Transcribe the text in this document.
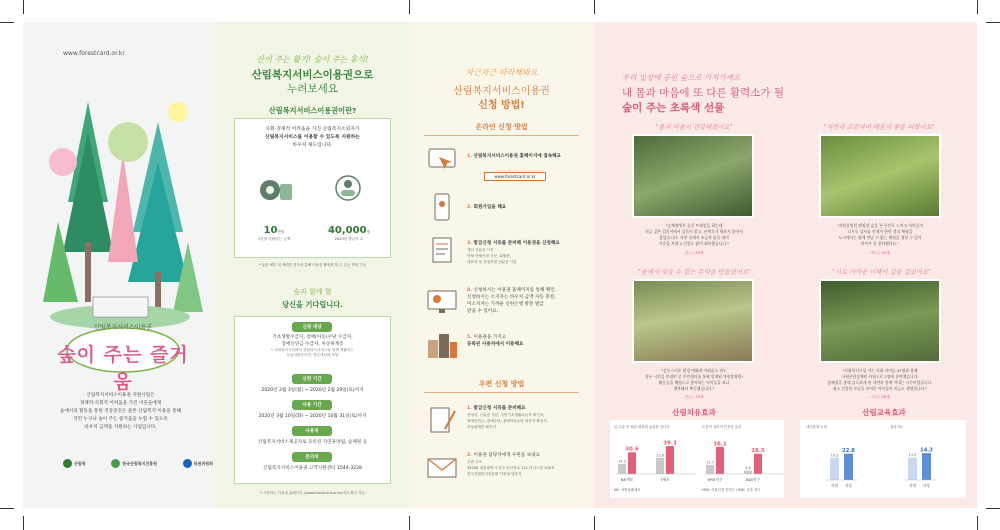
www.forestcard.or.kr
산림복지서비스이용권
숲이 주는 즐거움
산림복지서비스이용권 지원사업은
경제적·사회적 어려움을 가진 이웃들에게
숲에서의 활동을 통한 건강증진은 물론 산림복지 이용을 통해
국민 누구나 숲이 주는 즐거움을 누릴 수 있도록
바우처 금액을 지원하는 사업입니다.
산림청	한국산림복지진흥원	복권위원회
산이 주는 활기! 숲이 주는 휴식!
산림복지서비스이용권으로
누려보세요
산림복지서비스이용권이란?
사회·경제적 어려움을 가진 산림복지소외자가
산림복지서비스를 이용할 수 있도록 지원하는
바우처 제도입니다.
10만원
1인당 지원하는 금액
40,000명
2020년 발급자 수
* 물품 배부 내 예매한 경우를 통해 이용을 활성화 할 수 있는 방안 가능
숲과 함께 할
당신을 기다립니다.
신청 대상
기초생활수급자, 장애(아동)수당 수급자,
장애인연금 수급자, 차상위계층
* 사회복지시설에서 산림복지서비스와 함께 생활하는
들들지원한다면, 발급대상에 포함
신청 기간
2020년 2월 3일(월) ~ 2020년 2월 29일(토)까지
사용 기간
2020년 3월 10일(화) ~ 2020년 10월 31일(토)까지
사용처
산림복지서비스제공자로 등록된 자연휴양림, 숲체원 등
문의처
산림복지서비스이용권 고객지원센터 1544-3228
* 사용하는 이용권 홈페이지 (www.forestcard.or.kr)에서 확인 가능
차근차근 따라해봐요
산림복지서비스이용권
신청 방법!
온라인 신청 방법
1. 산림복지서비스이용권 홈페이지에 접속해요
www.forestcard.or.kr
2. 회원가입을 해요
3. 발급신청 서류를 준비해 이용권을 신청해요
개인 신분증 사본
단체 단체신청 공문, 회원증,
대표자 및 신청자별 신분증 사본
4. 신청하시는 이용권 홈페이지를 통해 확인.
신청하시는 소지자는 바우처 금액 자동 충전,
미소지자는 가까운 신한은행 방문 발급
받을 수 있어요.
5. 이용권을 가지고
등록된 사용처에서 이용해요
우편 신청 방법
1. 발급신청 서류를 준비해요
신청서, 신분증 사본, 국민기초생활수급자 확인서,
장애인연금, 장애수당, 장애아동수당 대상자 확인서,
차상위계층 확인서
2. 이용권 담당자에게 우편을 보내요
우편 주소
35208 대전광역시 서구 둔산북로 121,아너스빌 209호
한국산림복지진흥원 이용권 담당자
우리 일상에 공원 숲으로 가져가세요
내 몸과 마음에 또 다른 활력소가 될
숲이 주는 초록색 선물
"몸과 마음이 건강해졌어요"
"숲체원에서 숲길 트레킹을 하는데
지금 같은 걸음이에서 걸음이 좋고, 산책로가 험하지 않아서
좋았습니다. 자연 속에서 조금씩 몸을 내며
기운을 차렸고 건강도 많이 회복했습니다."
- 김○○ 83세 -
"자연과 교감하며 배움의 꽃을 피웠어요"
"자연휴양림 캠핑장 숲을 곤 동안로 느끼고 아이들이
너무도 감사를 언제가 한번 정리 체험을
도시에서는 쉽게 만날 수 없는 체험을 접할 수 있어
아이가 좀 좋아했어요."
- 박○○ 40세 -
"숲에서 잊을 수 없는 추억을 만들었어요"
"감독스러운 환경 변화에 어려움도 겪도
힘든 시간을 보내던 중 주민센터를 통해 알게된 자연휴양림!
활동숲을 체험으로 좋아하는 아이들을 보니
행복해서 뿌듯했습니다."
- 이○○ 33세 -
"서로 가까운 이해의 길을 걸었어요"
"사회복지시설 기는 지회 아이들 47명과 함께
국립산림숲체원 자원으로 2명에 참여했습니다.
숲해설을 통해 습득하게 된 자연과 함께 지내는 시간이었습니다.
평소 건강한 모습을 보여준 아이들이 지금도 생생합니다."
- 고○○ 28세 -
산림치유효과	산림교육효과
암 수술 후 혈관 회복력 효과를 입니다	도움이 심리적 안정성 효과
14.2
30.6
NK세포
22.8
39.3
T세포
12.7
38.1
HRV지수
4.8
28.5
BDI지수
NK: 자연살해세포	HRV: 자율신경 안정도 / BDI: 우울 척도
대인관계 능력	정서지능
19.2
사전
22.8
사후
11.9
사전
14.3
사후
